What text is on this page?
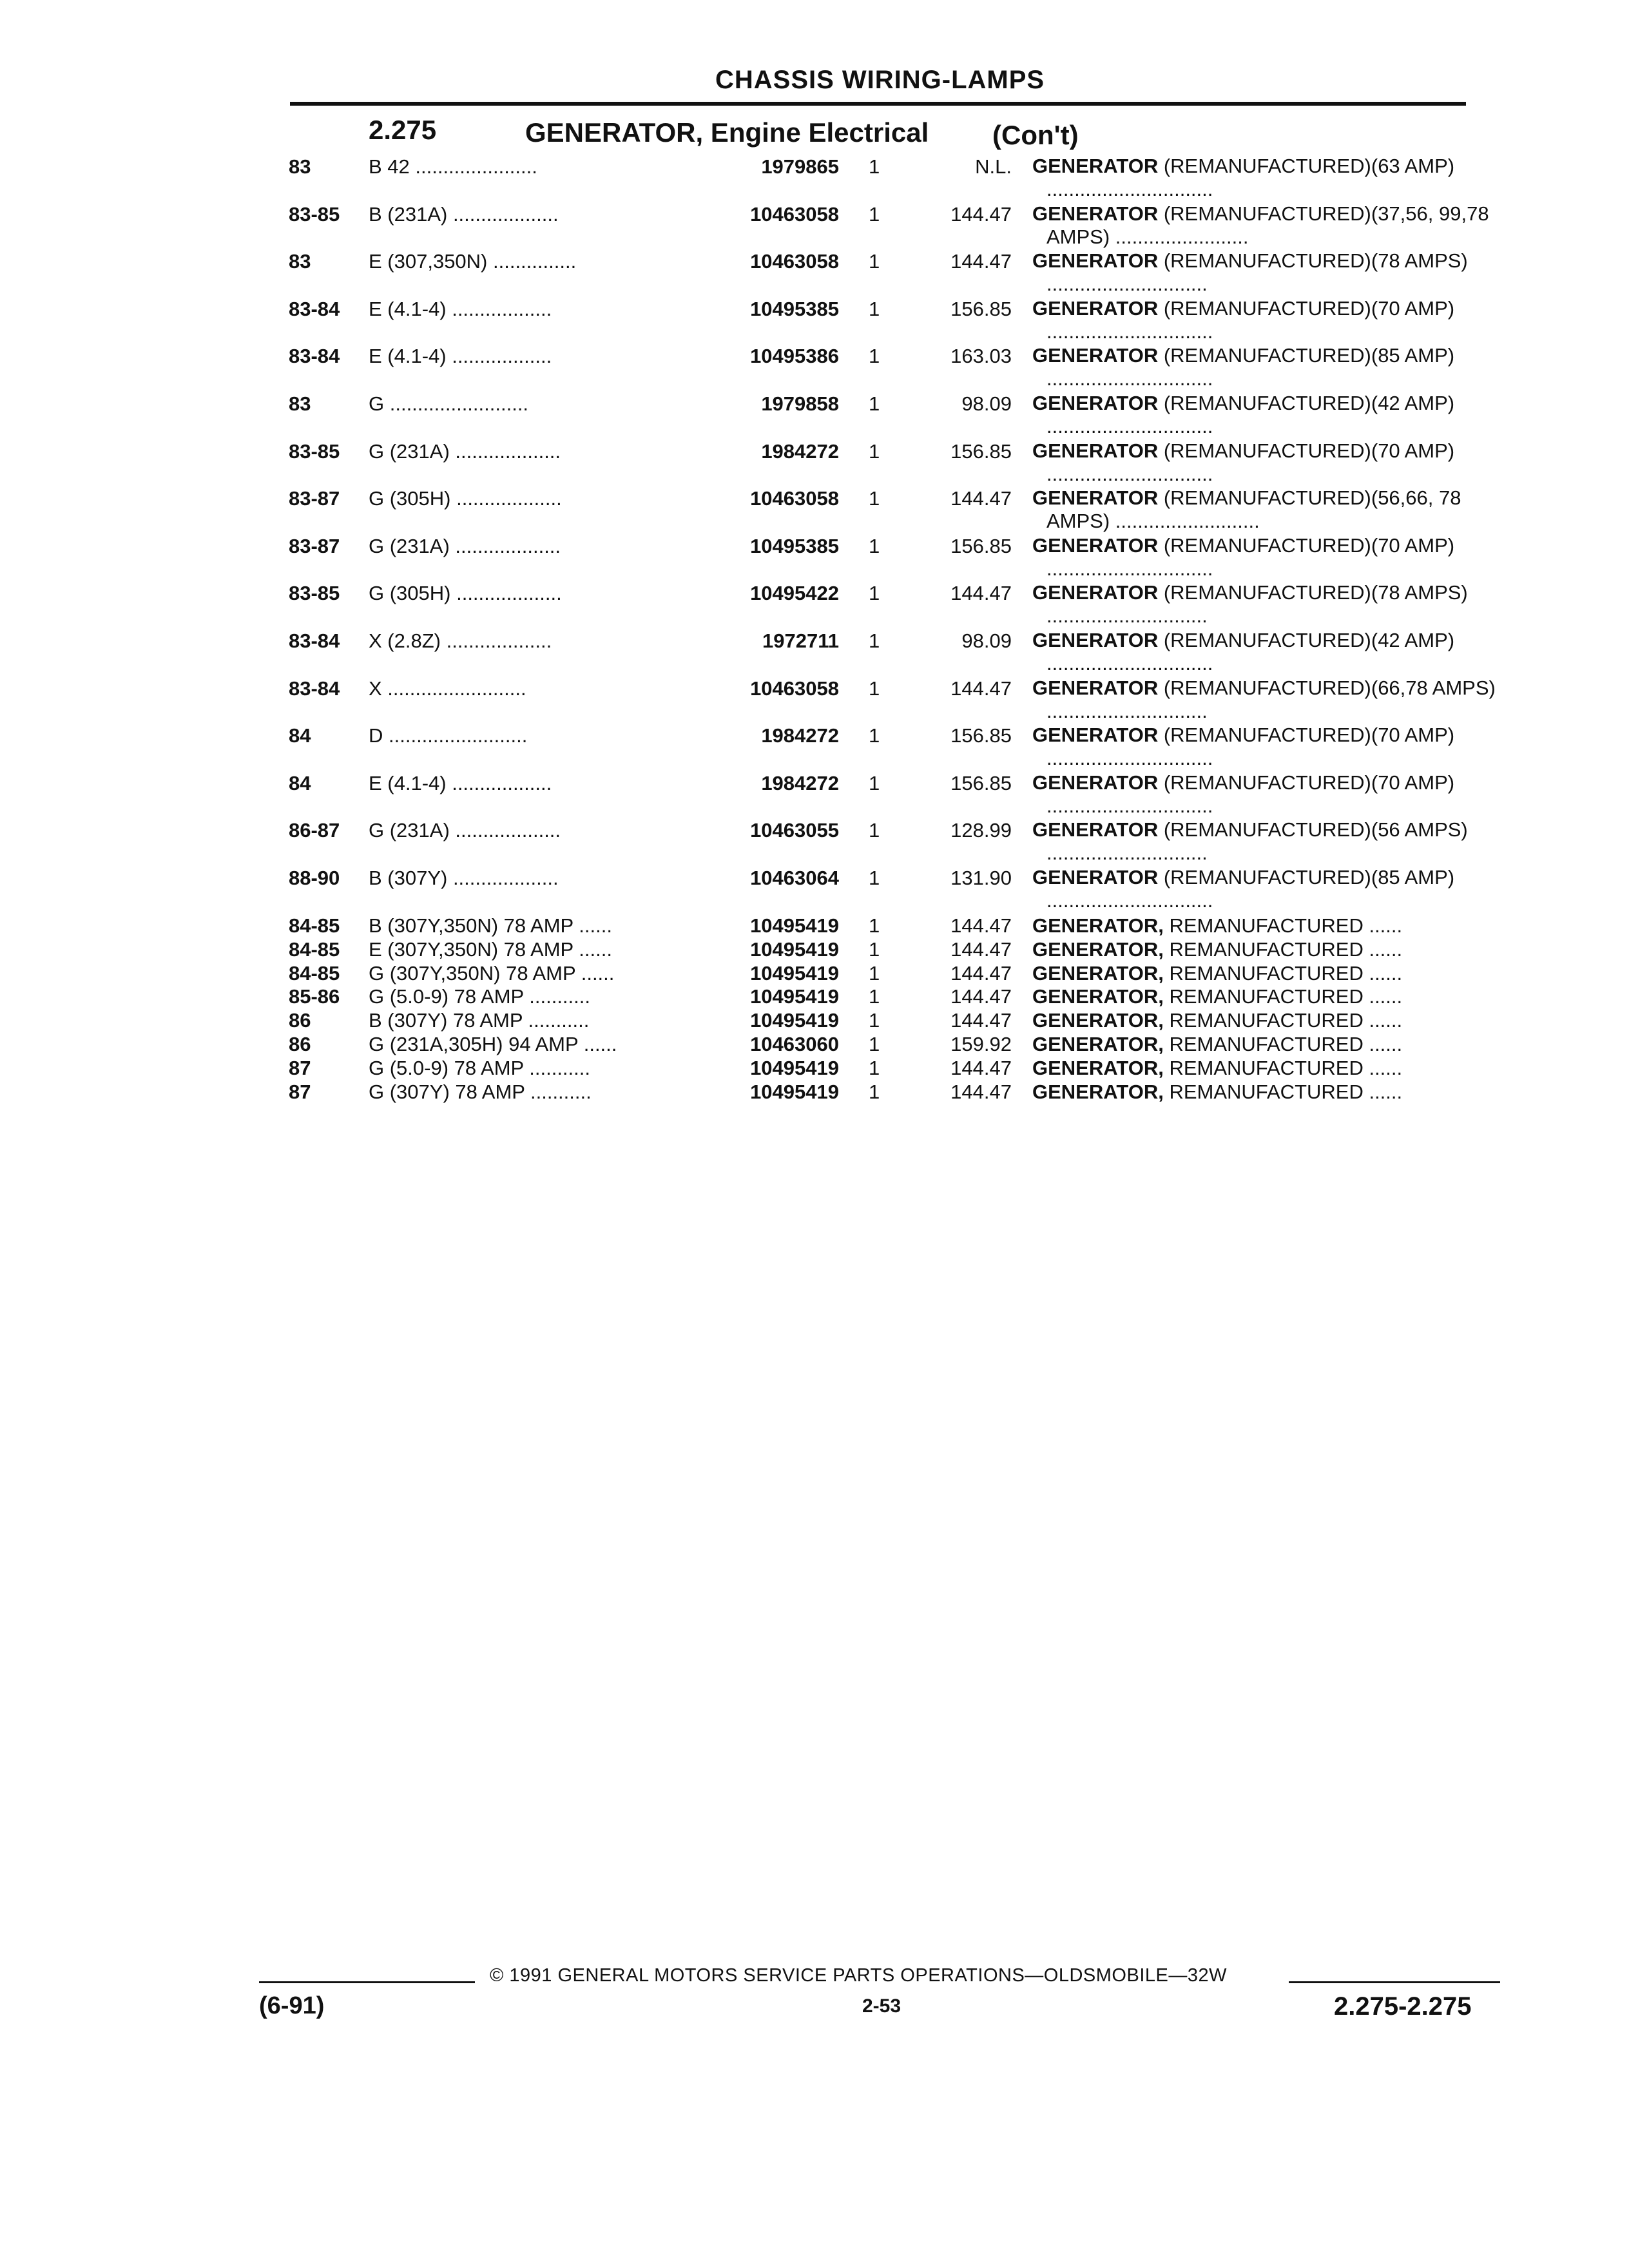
CHASSIS WIRING-LAMPS
2.275	GENERATOR, Engine Electrical (Con't)
83	B 42 ......................	1979865 1	N.L. GENERATOR (REMANUFACTURED)(63 AMP) ..............................
83-85	B (231A) ...................	10463058 1	144.47 GENERATOR (REMANUFACTURED)(37,56, 99,78 AMPS) ........................
83	E (307,350N) ...............	10463058 1	144.47 GENERATOR (REMANUFACTURED)(78 AMPS) .............................
83-84	E (4.1-4) ..................	10495385 1	156.85 GENERATOR (REMANUFACTURED)(70 AMP) ..............................
83-84	E (4.1-4) ..................	10495386 1	163.03 GENERATOR (REMANUFACTURED)(85 AMP) ..............................
83	G .........................	1979858 1	98.09 GENERATOR (REMANUFACTURED)(42 AMP) ..............................
83-85	G (231A) ...................	1984272 1	156.85 GENERATOR (REMANUFACTURED)(70 AMP) ..............................
83-87	G (305H) ...................	10463058 1	144.47 GENERATOR (REMANUFACTURED)(56,66, 78 AMPS) ..........................
83-87	G (231A) ...................	10495385 1	156.85 GENERATOR (REMANUFACTURED)(70 AMP) ..............................
83-85	G (305H) ...................	10495422 1	144.47 GENERATOR (REMANUFACTURED)(78 AMPS) .............................
83-84	X (2.8Z) ...................	1972711 1	98.09 GENERATOR (REMANUFACTURED)(42 AMP) ..............................
83-84	X .........................	10463058 1	144.47 GENERATOR (REMANUFACTURED)(66,78 AMPS) .............................
84	D .........................	1984272 1	156.85 GENERATOR (REMANUFACTURED)(70 AMP) ..............................
84	E (4.1-4) ..................	1984272 1	156.85 GENERATOR (REMANUFACTURED)(70 AMP) ..............................
86-87	G (231A) ...................	10463055 1	128.99 GENERATOR (REMANUFACTURED)(56 AMPS) .............................
88-90	B (307Y) ...................	10463064 1	131.90 GENERATOR (REMANUFACTURED)(85 AMP) ..............................
84-85	B (307Y,350N) 78 AMP ......	10495419 1	144.47 GENERATOR, REMANUFACTURED ......
84-85	E (307Y,350N) 78 AMP ......	10495419 1	144.47 GENERATOR, REMANUFACTURED ......
84-85	G (307Y,350N) 78 AMP ......	10495419 1	144.47 GENERATOR, REMANUFACTURED ......
85-86	G (5.0-9) 78 AMP ...........	10495419 1	144.47 GENERATOR, REMANUFACTURED ......
86	B (307Y) 78 AMP ...........	10495419 1	144.47 GENERATOR, REMANUFACTURED ......
86	G (231A,305H) 94 AMP ......	10463060 1	159.92 GENERATOR, REMANUFACTURED ......
87	G (5.0-9) 78 AMP ...........	10495419 1	144.47 GENERATOR, REMANUFACTURED ......
87	G (307Y) 78 AMP ...........	10495419 1	144.47 GENERATOR, REMANUFACTURED ......
© 1991 GENERAL MOTORS SERVICE PARTS OPERATIONS—OLDSMOBILE—32W
(6-91)	2-53	2.275-2.275
